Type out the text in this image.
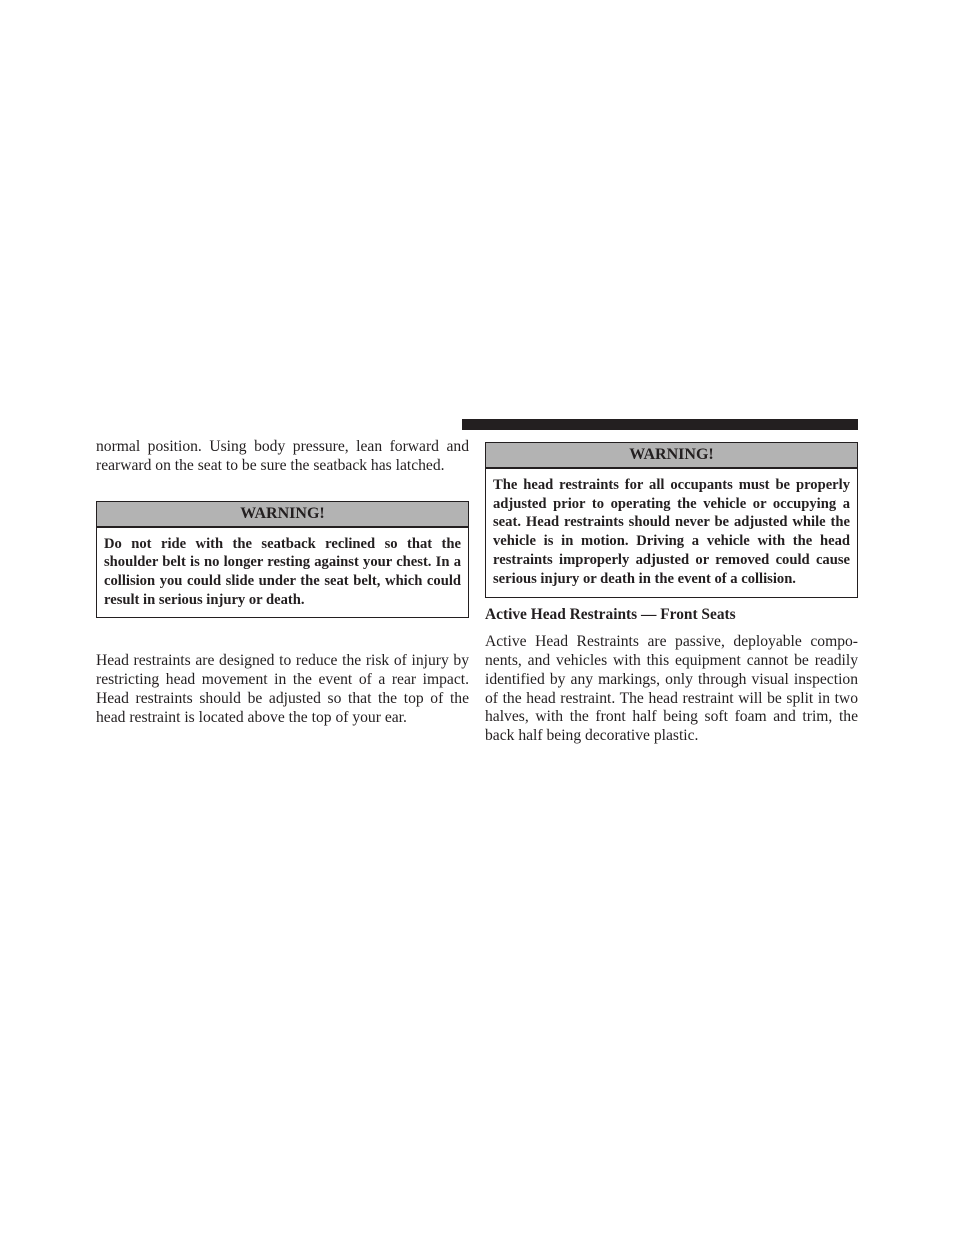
normal position. Using body pressure, lean forward and rearward on the seat to be sure the seatback has latched.

WARNING!

Do not ride with the seatback reclined so that the shoulder belt is no longer resting against your chest. In a collision you could slide under the seat belt, which could result in serious injury or death.

Head restraints are designed to reduce the risk of injury by restricting head movement in the event of a rear impact. Head restraints should be adjusted so that the top of the head restraint is located above the top of your ear.

WARNING!

The head restraints for all occupants must be properly adjusted prior to operating the vehicle or occupying a seat. Head restraints should never be adjusted while the vehicle is in motion. Driving a vehicle with the head restraints improperly adjusted or removed could cause serious injury or death in the event of a collision.

Active Head Restraints — Front Seats

Active Head Restraints are passive, deployable components, and vehicles with this equipment cannot be readily identified by any markings, only through visual inspection of the head restraint. The head restraint will be split in two halves, with the front half being soft foam and trim, the back half being decorative plastic.
